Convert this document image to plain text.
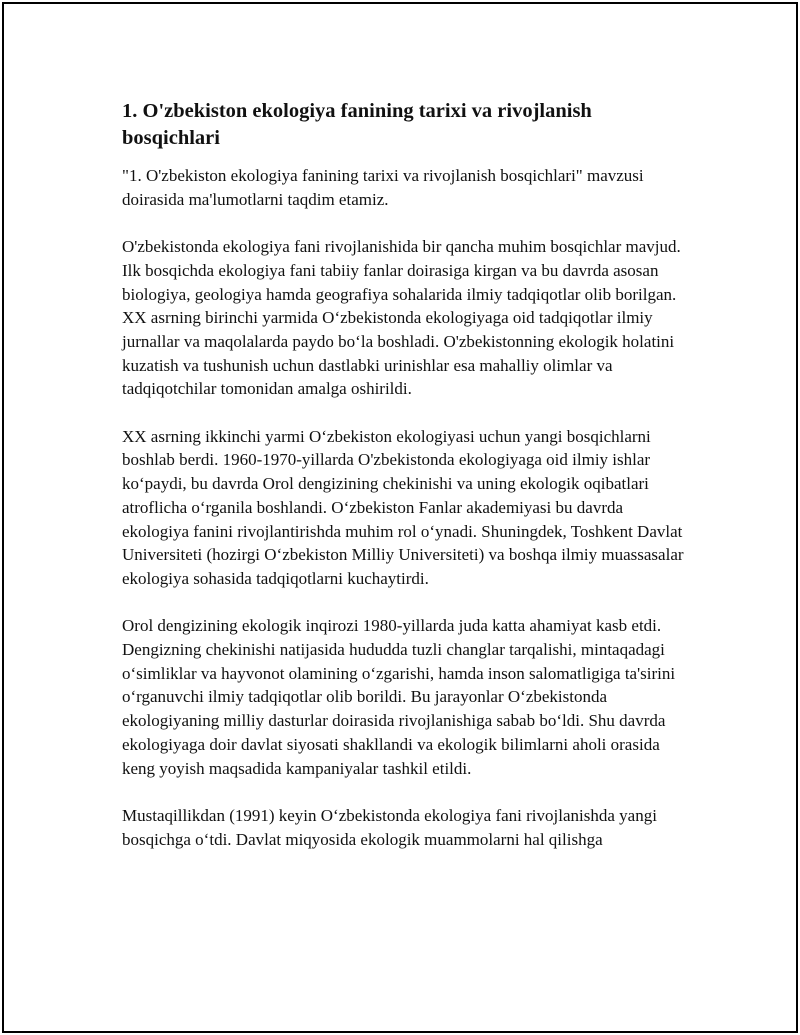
1. O'zbekiston ekologiya fanining tarixi va rivojlanish bosqichlari

"1. O'zbekiston ekologiya fanining tarixi va rivojlanish bosqichlari" mavzusi doirasida ma'lumotlarni taqdim etamiz.

O'zbekistonda ekologiya fani rivojlanishida bir qancha muhim bosqichlar mavjud. Ilk bosqichda ekologiya fani tabiiy fanlar doirasiga kirgan va bu davrda asosan biologiya, geologiya hamda geografiya sohalarida ilmiy tadqiqotlar olib borilgan. XX asrning birinchi yarmida O‘zbekistonda ekologiyaga oid tadqiqotlar ilmiy jurnallar va maqolalarda paydo bo‘la boshladi. O'zbekistonning ekologik holatini kuzatish va tushunish uchun dastlabki urinishlar esa mahalliy olimlar va tadqiqotchilar tomonidan amalga oshirildi.

XX asrning ikkinchi yarmi O‘zbekiston ekologiyasi uchun yangi bosqichlarni boshlab berdi. 1960-1970-yillarda O'zbekistonda ekologiyaga oid ilmiy ishlar ko‘paydi, bu davrda Orol dengizining chekinishi va uning ekologik oqibatlari atroflicha o‘rganila boshlandi. O‘zbekiston Fanlar akademiyasi bu davrda ekologiya fanini rivojlantirishda muhim rol o‘ynadi. Shuningdek, Toshkent Davlat Universiteti (hozirgi O‘zbekiston Milliy Universiteti) va boshqa ilmiy muassasalar ekologiya sohasida tadqiqotlarni kuchaytirdi.

Orol dengizining ekologik inqirozi 1980-yillarda juda katta ahamiyat kasb etdi. Dengizning chekinishi natijasida hududda tuzli changlar tarqalishi, mintaqadagi o‘simliklar va hayvonot olamining o‘zgarishi, hamda inson salomatligiga ta'sirini o‘rganuvchi ilmiy tadqiqotlar olib borildi. Bu jarayonlar O‘zbekistonda ekologiyaning milliy dasturlar doirasida rivojlanishiga sabab bo‘ldi. Shu davrda ekologiyaga doir davlat siyosati shakllandi va ekologik bilimlarni aholi orasida keng yoyish maqsadida kampaniyalar tashkil etildi.

Mustaqillikdan (1991) keyin O‘zbekistonda ekologiya fani rivojlanishda yangi bosqichga o‘tdi. Davlat miqyosida ekologik muammolarni hal qilishga
